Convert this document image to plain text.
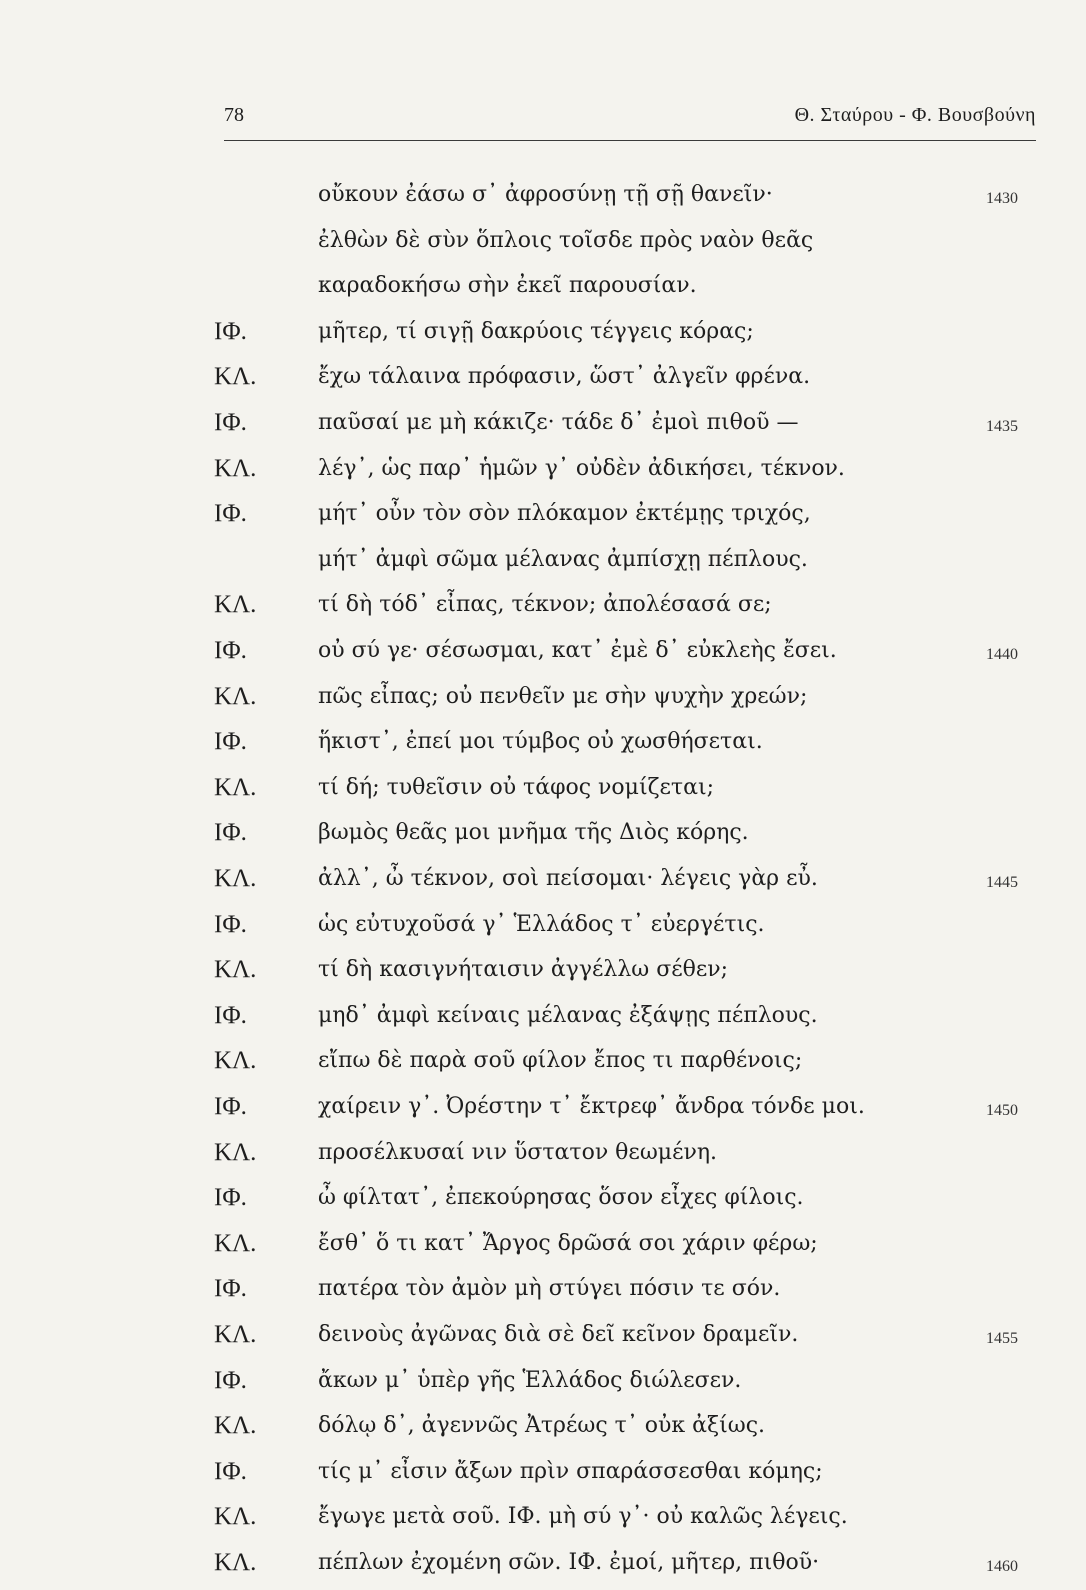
78	Θ. Σταύρου - Φ. Βουσβούνη
οὔκουν ἐάσω σ᾽ ἀφροσύνῃ τῇ σῇ θανεῖν·	1430
ἐλθὼν δὲ σὺν ὅπλοις τοῖσδε πρὸς ναὸν θεᾶς
καραδοκήσω σὴν ἐκεῖ παρουσίαν.
ΙΦ.	μῆτερ, τί σιγῇ δακρύοις τέγγεις κόρας;
ΚΛ.	ἔχω τάλαινα πρόφασιν, ὥστ᾽ ἀλγεῖν φρένα.
ΙΦ.	παῦσαί με μὴ κάκιζε· τάδε δ᾽ ἐμοὶ πιθοῦ —	1435
ΚΛ.	λέγ᾽, ὡς παρ᾽ ἡμῶν γ᾽ οὐδὲν ἀδικήσει, τέκνον.
ΙΦ.	μήτ᾽ οὖν τὸν σὸν πλόκαμον ἐκτέμῃς τριχός,
μήτ᾽ ἀμφὶ σῶμα μέλανας ἀμπίσχῃ πέπλους.
ΚΛ.	τί δὴ τόδ᾽ εἶπας, τέκνον; ἀπολέσασά σε;
ΙΦ.	οὐ σύ γε· σέσωσμαι, κατ᾽ ἐμὲ δ᾽ εὐκλεὴς ἔσει.	1440
ΚΛ.	πῶς εἶπας; οὐ πενθεῖν με σὴν ψυχὴν χρεών;
ΙΦ.	ἥκιστ᾽, ἐπεί μοι τύμβος οὐ χωσθήσεται.
ΚΛ.	τί δή; τυθεῖσιν οὐ τάφος νομίζεται;
ΙΦ.	βωμὸς θεᾶς μοι μνῆμα τῆς Διὸς κόρης.
ΚΛ.	ἀλλ᾽, ὦ τέκνον, σοὶ πείσομαι· λέγεις γὰρ εὖ.	1445
ΙΦ.	ὡς εὐτυχοῦσά γ᾽ Ἑλλάδος τ᾽ εὐεργέτις.
ΚΛ.	τί δὴ κασιγνήταισιν ἀγγέλλω σέθεν;
ΙΦ.	μηδ᾽ ἀμφὶ κείναις μέλανας ἐξάψῃς πέπλους.
ΚΛ.	εἴπω δὲ παρὰ σοῦ φίλον ἔπος τι παρθένοις;
ΙΦ.	χαίρειν γ᾽. Ὀρέστην τ᾽ ἔκτρεφ᾽ ἄνδρα τόνδε μοι.	1450
ΚΛ.	προσέλκυσαί νιν ὕστατον θεωμένη.
ΙΦ.	ὦ φίλτατ᾽, ἐπεκούρησας ὅσον εἶχες φίλοις.
ΚΛ.	ἔσθ᾽ ὅ τι κατ᾽ Ἄργος δρῶσά σοι χάριν φέρω;
ΙΦ.	πατέρα τὸν ἀμὸν μὴ στύγει πόσιν τε σόν.
ΚΛ.	δεινοὺς ἀγῶνας διὰ σὲ δεῖ κεῖνον δραμεῖν.	1455
ΙΦ.	ἄκων μ᾽ ὑπὲρ γῆς Ἑλλάδος διώλεσεν.
ΚΛ.	δόλῳ δ᾽, ἀγεννῶς Ἀτρέως τ᾽ οὐκ ἀξίως.
ΙΦ.	τίς μ᾽ εἶσιν ἄξων πρὶν σπαράσσεσθαι κόμης;
ΚΛ.	ἔγωγε μετὰ σοῦ. ΙΦ. μὴ σύ γ᾽· οὐ καλῶς λέγεις.
ΚΛ.	πέπλων ἐχομένη σῶν. ΙΦ. ἐμοί, μῆτερ, πιθοῦ·	1460
